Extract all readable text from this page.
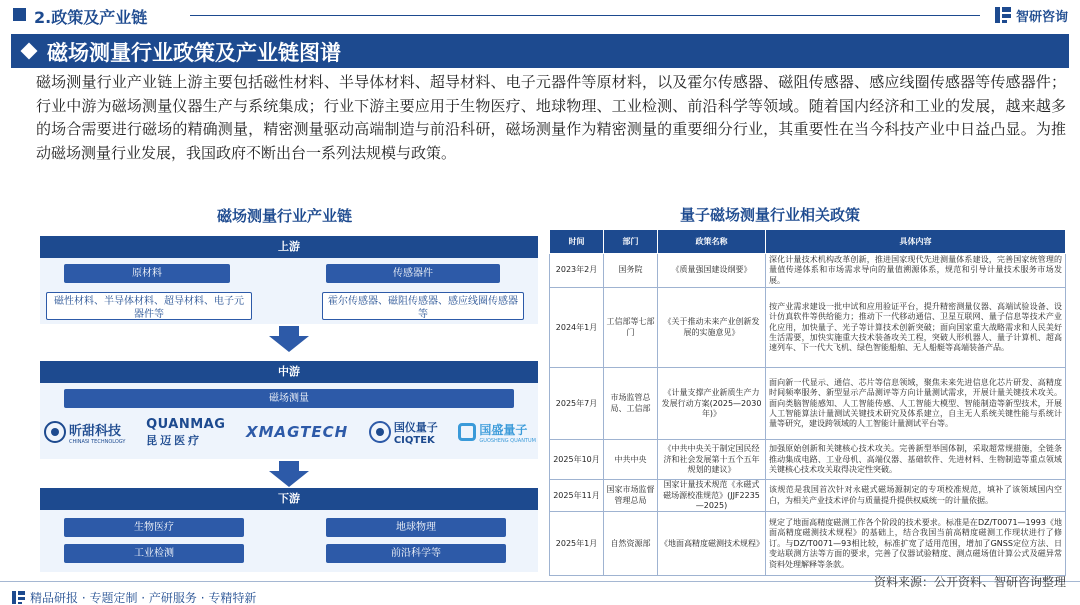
2.政策及产业链	智研咨询
磁场测量行业政策及产业链图谱

磁场测量行业产业链上游主要包括磁性材料、半导体材料、超导材料、电子元器件等原材料，以及霍尔传感器、磁阻传感器、感应线圈传感器等传感器件；行业中游为磁场测量仪器生产与系统集成；行业下游主要应用于生物医疗、地球物理、工业检测、前沿科学等领域。随着国内经济和工业的发展，越来越多的场合需要进行磁场的精确测量，精密测量驱动高端制造与前沿科研，磁场测量作为精密测量的重要细分行业，其重要性在当今科技产业中日益凸显。为推动磁场测量行业发展，我国政府不断出台一系列法规模与政策。

磁场测量行业产业链
上游
原材料	传感器件
磁性材料、半导体材料、超导材料、电子元器件等
霍尔传感器、磁阻传感器、感应线圈传感器等
中游
磁场测量
昕甜科技
CHINASI TECHNOLOGY
QUANMAG
昆迈医疗	XMAGTECH	国仪量子
CIQTEK
国盛量子
GUOSHENG QUANTUM
下游
生物医疗	地球物理
工业检测	前沿科学等
量子磁场测量行业相关政策
时间	部门	政策名称	具体内容
2023年2月	国务院	《质量强国建设纲要》	深化计量技术机构改革创新，推进国家现代先进测量体系建设，完善国家统管理的量值传递体系和市场需求导向的量值溯源体系，规范和引导计量技术服务市场发展。
2024年1月	工信部等七部门	《关于推动未来产业创新发展的实施意见》	按产业需求建设一批中试和应用验证平台，提升精密测量仪器、高端试验设备、设计仿真软件等供给能力；推动下一代移动通信、卫星互联网、量子信息等技术产业化应用，加快量子、光子等计算技术创新突破；面向国家重大战略需求和人民美好生活需要，加快实施重大技术装备攻关工程，突破人形机器人、量子计算机、超高速列车、下一代大飞机、绿色智能船舶、无人船艇等高端装备产品。
2025年7月	市场监管总局、工信部	《计量支撑产业新质生产力发展行动方案(2025—2030年)》	面向新一代显示、通信、芯片等信息领域，聚焦未来先进信息化芯片研发、高精度时间频率服务、新型显示产品测评等方向计量测试需求，开展计量关键技术攻关。面向类脑智能感知、人工智能传感、人工智能大模型、智能制造等新型技术，开展人工智能算法计量测试关键技术研究及体系建立，自主无人系统关键性能与系统计量等研究，建设跨领域的人工智能计量测试平台等。
2025年10月	中共中央	《中共中央关于制定国民经济和社会发展第十五个五年规划的建议》	加强原始创新和关键核心技术攻关。完善新型举国体制，采取超常规措施，全链条推动集成电路、工业母机、高端仪器、基础软件、先进材料、生物制造等重点领域关键核心技术攻关取得决定性突破。
2025年11月	国家市场监督管理总局	国家计量技术规范《永磁式磁场源校准规范》(JJF2235—2025)	该规范是我国首次针对永磁式磁场源制定的专项校准规范，填补了该领域国内空白，为相关产业技术评价与质量提升提供权威统一的计量依据。
2025年1月	自然资源部	《地面高精度磁测技术规程》	规定了地面高精度磁测工作各个阶段的技术要求。标准是在DZ/T0071—1993《地面高精度磁测技术规程》的基础上，结合我国当前高精度磁测工作现状进行了修订。与DZ/T0071—93相比较，标准扩宽了适用范围，增加了GNSS定位方法、日变站联测方法等方面的要求，完善了仪器试验精度、测点磁场值计算公式及磁异常资料处理解释等条款。
资料来源：公开资料、智研咨询整理
精品研报 · 专题定制 · 产研服务 · 专精特新
